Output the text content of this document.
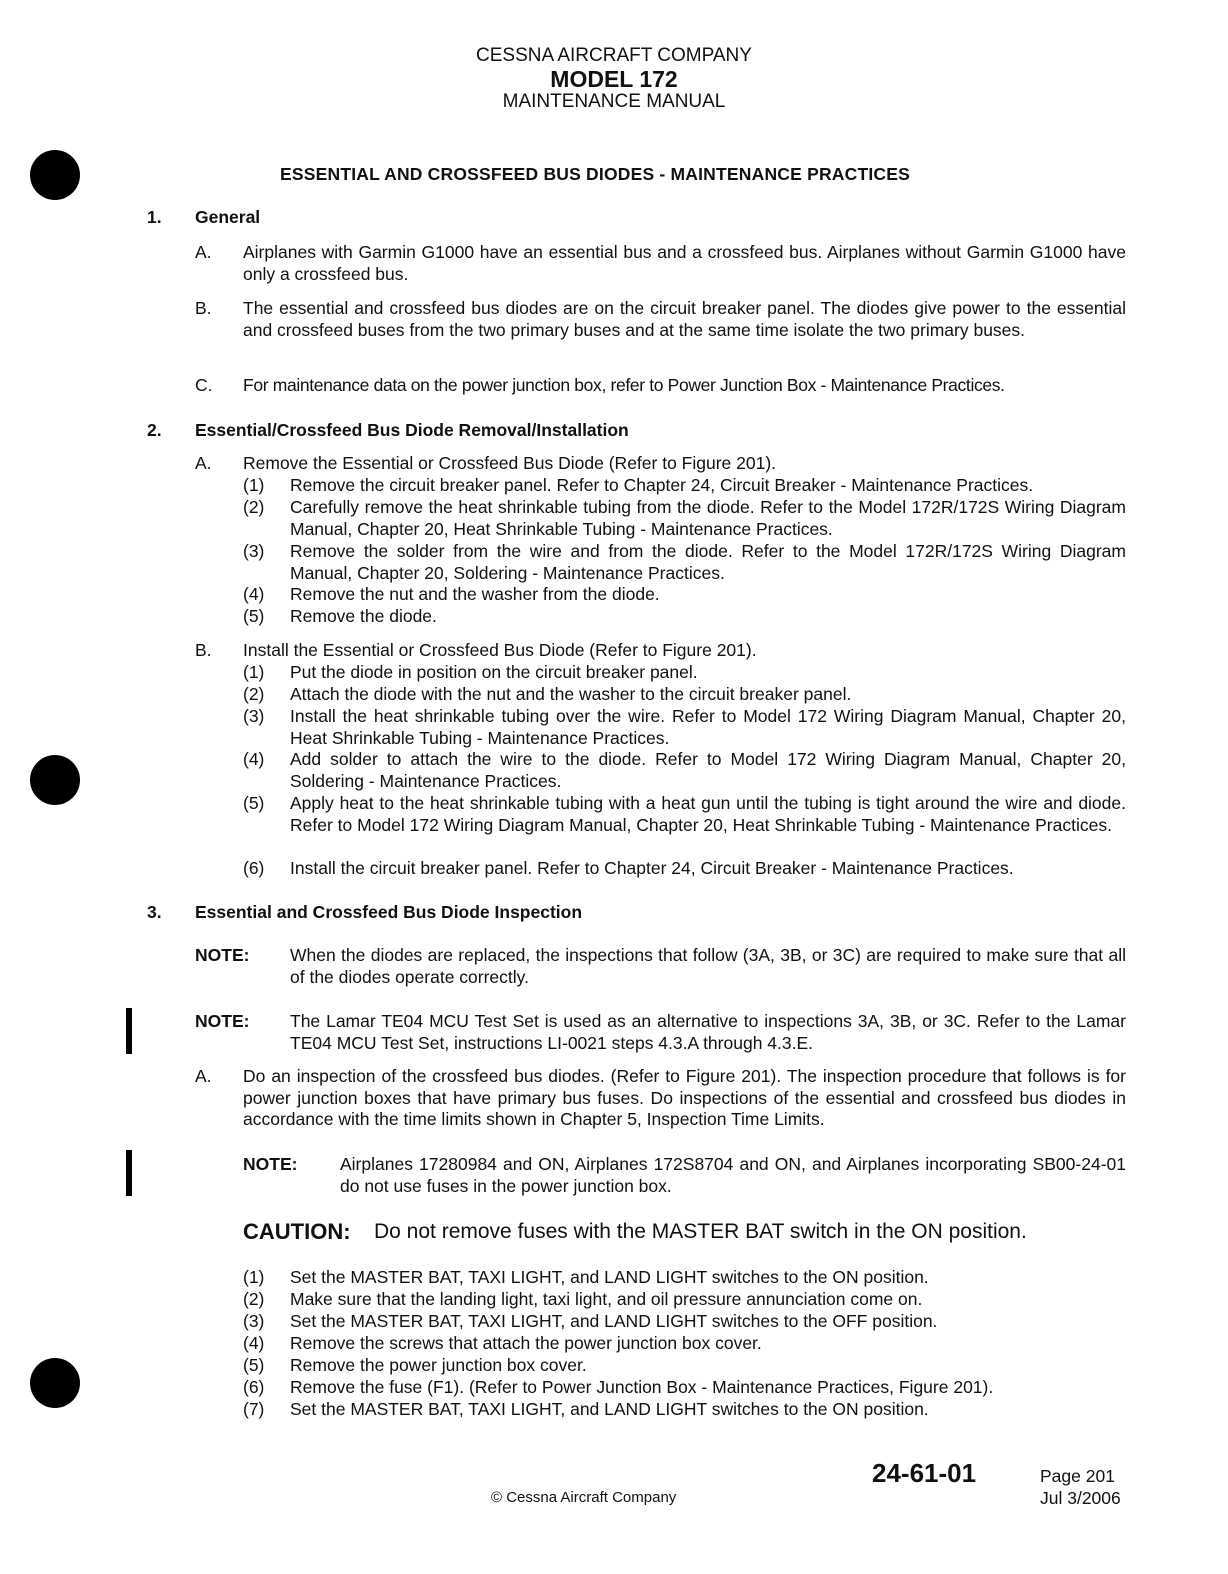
CESSNA AIRCRAFT COMPANY
MODEL 172
MAINTENANCE MANUAL
ESSENTIAL AND CROSSFEED BUS DIODES - MAINTENANCE PRACTICES
1. General
A. Airplanes with Garmin G1000 have an essential bus and a crossfeed bus. Airplanes without Garmin G1000 have only a crossfeed bus.
B. The essential and crossfeed bus diodes are on the circuit breaker panel. The diodes give power to the essential and crossfeed buses from the two primary buses and at the same time isolate the two primary buses.
C. For maintenance data on the power junction box, refer to Power Junction Box - Maintenance Practices.
2. Essential/Crossfeed Bus Diode Removal/Installation
A. Remove the Essential or Crossfeed Bus Diode (Refer to Figure 201).
(1) Remove the circuit breaker panel. Refer to Chapter 24, Circuit Breaker - Maintenance Practices.
(2) Carefully remove the heat shrinkable tubing from the diode. Refer to the Model 172R/172S Wiring Diagram Manual, Chapter 20, Heat Shrinkable Tubing - Maintenance Practices.
(3) Remove the solder from the wire and from the diode. Refer to the Model 172R/172S Wiring Diagram Manual, Chapter 20, Soldering - Maintenance Practices.
(4) Remove the nut and the washer from the diode.
(5) Remove the diode.
B. Install the Essential or Crossfeed Bus Diode (Refer to Figure 201).
(1) Put the diode in position on the circuit breaker panel.
(2) Attach the diode with the nut and the washer to the circuit breaker panel.
(3) Install the heat shrinkable tubing over the wire. Refer to Model 172 Wiring Diagram Manual, Chapter 20, Heat Shrinkable Tubing - Maintenance Practices.
(4) Add solder to attach the wire to the diode. Refer to Model 172 Wiring Diagram Manual, Chapter 20, Soldering - Maintenance Practices.
(5) Apply heat to the heat shrinkable tubing with a heat gun until the tubing is tight around the wire and diode. Refer to Model 172 Wiring Diagram Manual, Chapter 20, Heat Shrinkable Tubing - Maintenance Practices.
(6) Install the circuit breaker panel. Refer to Chapter 24, Circuit Breaker - Maintenance Practices.
3. Essential and Crossfeed Bus Diode Inspection
NOTE: When the diodes are replaced, the inspections that follow (3A, 3B, or 3C) are required to make sure that all of the diodes operate correctly.
NOTE: The Lamar TE04 MCU Test Set is used as an alternative to inspections 3A, 3B, or 3C. Refer to the Lamar TE04 MCU Test Set, instructions LI-0021 steps 4.3.A through 4.3.E.
A. Do an inspection of the crossfeed bus diodes. (Refer to Figure 201). The inspection procedure that follows is for power junction boxes that have primary bus fuses. Do inspections of the essential and crossfeed bus diodes in accordance with the time limits shown in Chapter 5, Inspection Time Limits.
NOTE: Airplanes 17280984 and ON, Airplanes 172S8704 and ON, and Airplanes incorporating SB00-24-01 do not use fuses in the power junction box.
CAUTION: Do not remove fuses with the MASTER BAT switch in the ON position.
(1) Set the MASTER BAT, TAXI LIGHT, and LAND LIGHT switches to the ON position.
(2) Make sure that the landing light, taxi light, and oil pressure annunciation come on.
(3) Set the MASTER BAT, TAXI LIGHT, and LAND LIGHT switches to the OFF position.
(4) Remove the screws that attach the power junction box cover.
(5) Remove the power junction box cover.
(6) Remove the fuse (F1). (Refer to Power Junction Box - Maintenance Practices, Figure 201).
(7) Set the MASTER BAT, TAXI LIGHT, and LAND LIGHT switches to the ON position.
24-61-01	Page 201
Jul 3/2006
© Cessna Aircraft Company
